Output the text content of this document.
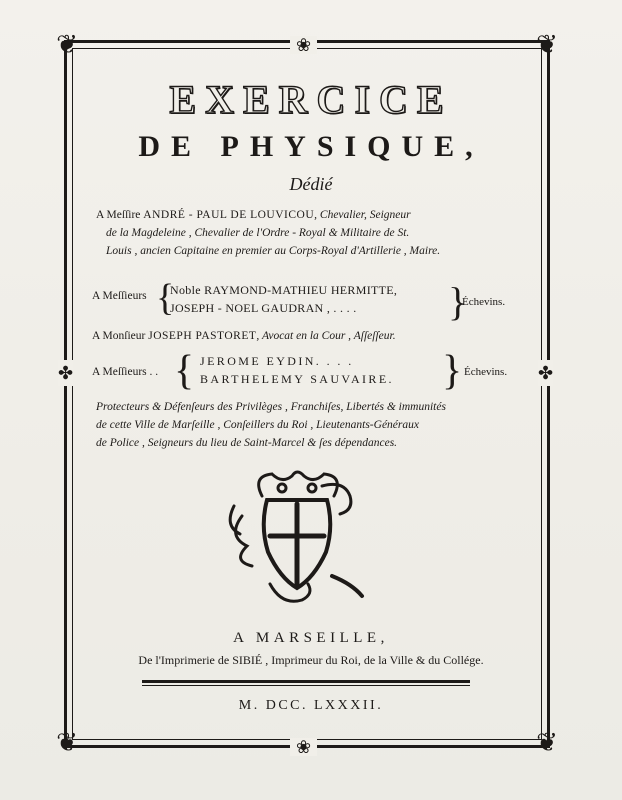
❦	❦
❦	❦
❀
❀
✤	✤
EXERCICE
DE PHYSIQUE,
Dédié
A Meſſire ANDRÉ - PAUL DE LOUVICOU, Chevalier, Seigneur
de la Magdeleine , Chevalier de l'Ordre - Royal & Militaire de St.
Louis , ancien Capitaine en premier au Corps-Royal d'Artillerie , Maire.
A Meſſieurs {
Noble RAYMOND-MATHIEU HERMITTE,
JOSEPH - NOEL GAUDRAN , . . . .	}
Échevins.
A Monſieur JOSEPH PASTORET, Avocat en la Cour , Aſſeſſeur.
A Meſſieurs . . { JEROME EYDIN. . . .
BARTHELEMY SAUVAIRE. } Échevins.
Protecteurs & Défenſeurs des Privilèges , Franchiſes, Libertés & immunités
de cette Ville de Marſeille , Conſeillers du Roi , Lieutenants-Généraux
de Police , Seigneurs du lieu de Saint-Marcel & ſes dépendances.
A MARSEILLE,
De l'Imprimerie de SIBIÉ , Imprimeur du Roi, de la Ville & du Collége.
M. DCC. LXXXII.
